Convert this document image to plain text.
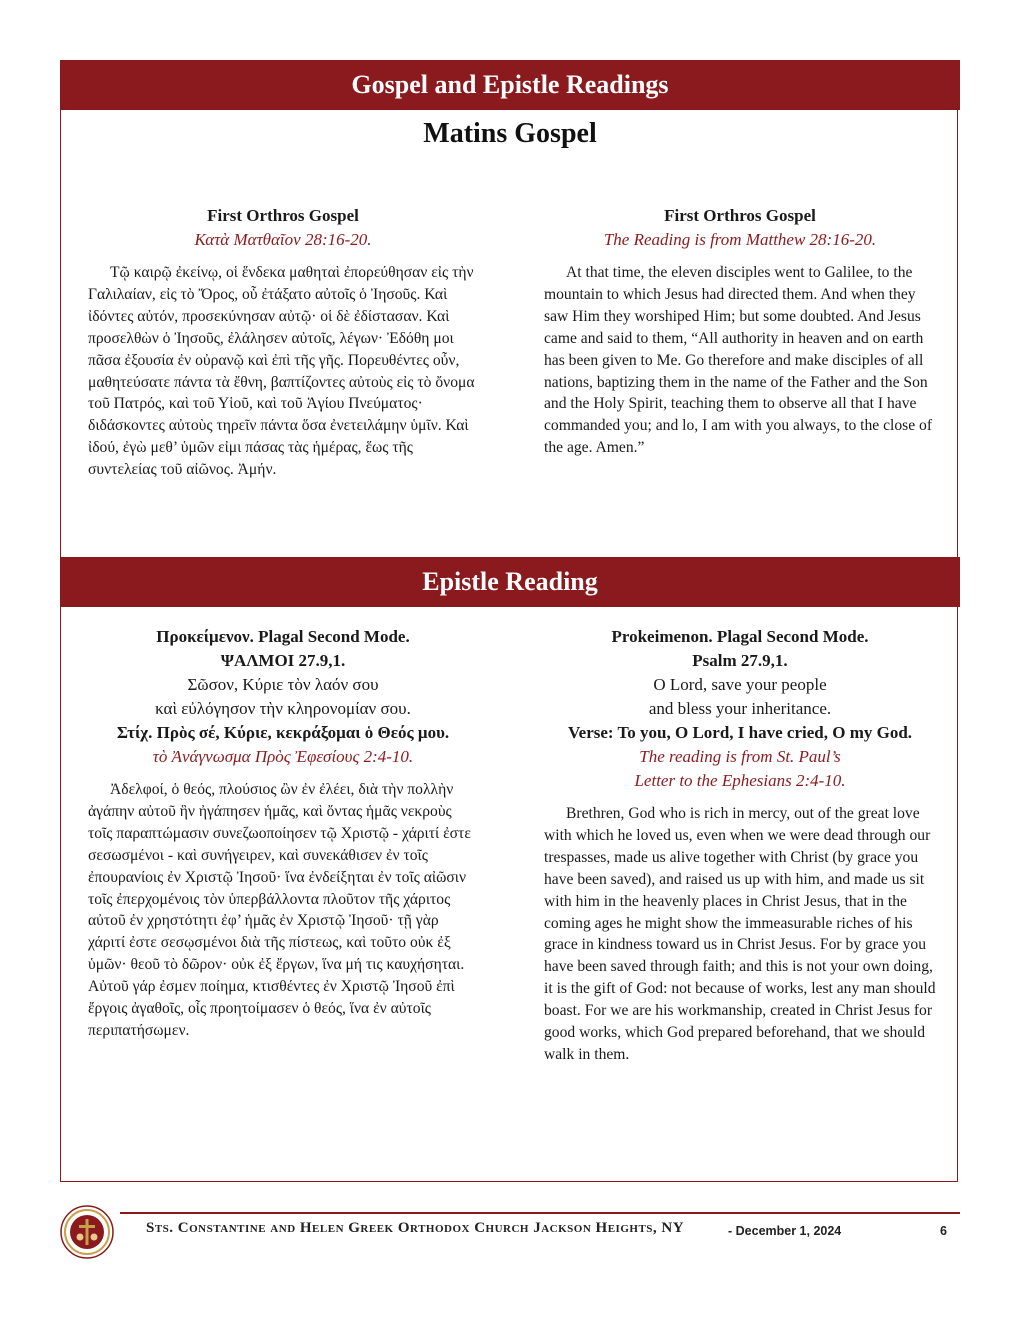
Gospel and Epistle Readings
Matins Gospel
First Orthros Gospel
Κατὰ Ματθαῖον 28:16-20.
Τῷ καιρῷ ἐκείνῳ, οἱ ἕνδεκα μαθηταὶ ἐπορεύθησαν εἰς τὴν Γαλιλαίαν, εἰς τὸ Ὄρος, οὗ ἐτάξατο αὐτοῖς ὁ Ἰησοῦς. Καὶ ἰδόντες αὐτόν, προσεκύνησαν αὐτῷ· οἱ δὲ ἐδίστασαν. Καὶ προσελθὼν ὁ Ἰησοῦς, ἐλάλησεν αὐτοῖς, λέγων· Ἐδόθη μοι πᾶσα ἐξουσία ἐν οὐρανῷ καὶ ἐπὶ τῆς γῆς. Πορευθέντες οὖν, μαθητεύσατε πάντα τὰ ἔθνη, βαπτίζοντες αὐτοὺς εἰς τὸ ὄνομα τοῦ Πατρός, καὶ τοῦ Υἱοῦ, καὶ τοῦ Ἁγίου Πνεύματος· διδάσκοντες αὐτοὺς τηρεῖν πάντα ὅσα ἐνετειλάμην ὑμῖν. Καὶ ἰδού, ἐγὼ μεθ’ ὑμῶν εἰμι πάσας τὰς ἡμέρας, ἕως τῆς συντελείας τοῦ αἰῶνος. Ἀμήν.
First Orthros Gospel
The Reading is from Matthew 28:16-20.
At that time, the eleven disciples went to Galilee, to the mountain to which Jesus had directed them. And when they saw Him they worshiped Him; but some doubted. And Jesus came and said to them, “All authority in heaven and on earth has been given to Me. Go therefore and make disciples of all nations, baptizing them in the name of the Father and the Son and the Holy Spirit, teaching them to observe all that I have commanded you; and lo, I am with you always, to the close of the age. Amen.”
Epistle Reading
Προκείμενον. Plagal Second Mode.
ΨΑΛΜΟΙ 27.9,1.
Σῶσον, Κύριε τὸν λαόν σου
καὶ εὐλόγησον τὴν κληρονομίαν σου.
Στίχ. Πρὸς σέ, Κύριε, κεκράξομαι ὁ Θεός μου.
τὸ Ἀνάγνωσμα Πρὸς Ἐφεσίους 2:4-10.
Ἀδελφοί, ὁ θεός, πλούσιος ὢν ἐν ἐλέει, διὰ τὴν πολλὴν ἀγάπην αὐτοῦ ἣν ἠγάπησεν ἡμᾶς, καὶ ὄντας ἡμᾶς νεκροὺς τοῖς παραπτώμασιν συνεζωοποίησεν τῷ Χριστῷ - χάριτί ἐστε σεσωσμένοι - καὶ συνήγειρεν, καὶ συνεκάθισεν ἐν τοῖς ἐπουρανίοις ἐν Χριστῷ Ἰησοῦ· ἵνα ἐνδείξηται ἐν τοῖς αἰῶσιν τοῖς ἐπερχομένοις τὸν ὑπερβάλλοντα πλοῦτον τῆς χάριτος αὐτοῦ ἐν χρηστότητι ἐφ’ ἡμᾶς ἐν Χριστῷ Ἰησοῦ· τῇ γὰρ χάριτί ἐστε σεσῳσμένοι διὰ τῆς πίστεως, καὶ τοῦτο οὐκ ἐξ ὑμῶν· θεοῦ τὸ δῶρον· οὐκ ἐξ ἔργων, ἵνα μή τις καυχήσηται. Αὐτοῦ γάρ ἐσμεν ποίημα, κτισθέντες ἐν Χριστῷ Ἰησοῦ ἐπὶ ἔργοις ἀγαθοῖς, οἷς προητοίμασεν ὁ θεός, ἵνα ἐν αὐτοῖς περιπατήσωμεν.
Prokeimenon. Plagal Second Mode.
Psalm 27.9,1.
O Lord, save your people
and bless your inheritance.
Verse: To you, O Lord, I have cried, O my God.
The reading is from St. Paul’s
Letter to the Ephesians 2:4-10.
Brethren, God who is rich in mercy, out of the great love with which he loved us, even when we were dead through our trespasses, made us alive together with Christ (by grace you have been saved), and raised us up with him, and made us sit with him in the heavenly places in Christ Jesus, that in the coming ages he might show the immeasurable riches of his grace in kindness toward us in Christ Jesus. For by grace you have been saved through faith; and this is not your own doing, it is the gift of God: not because of works, lest any man should boast. For we are his workmanship, created in Christ Jesus for good works, which God prepared beforehand, that we should walk in them.
Sts. Constantine and Helen Greek Orthodox Church Jackson Heights, NY	- December 1, 2024	6
